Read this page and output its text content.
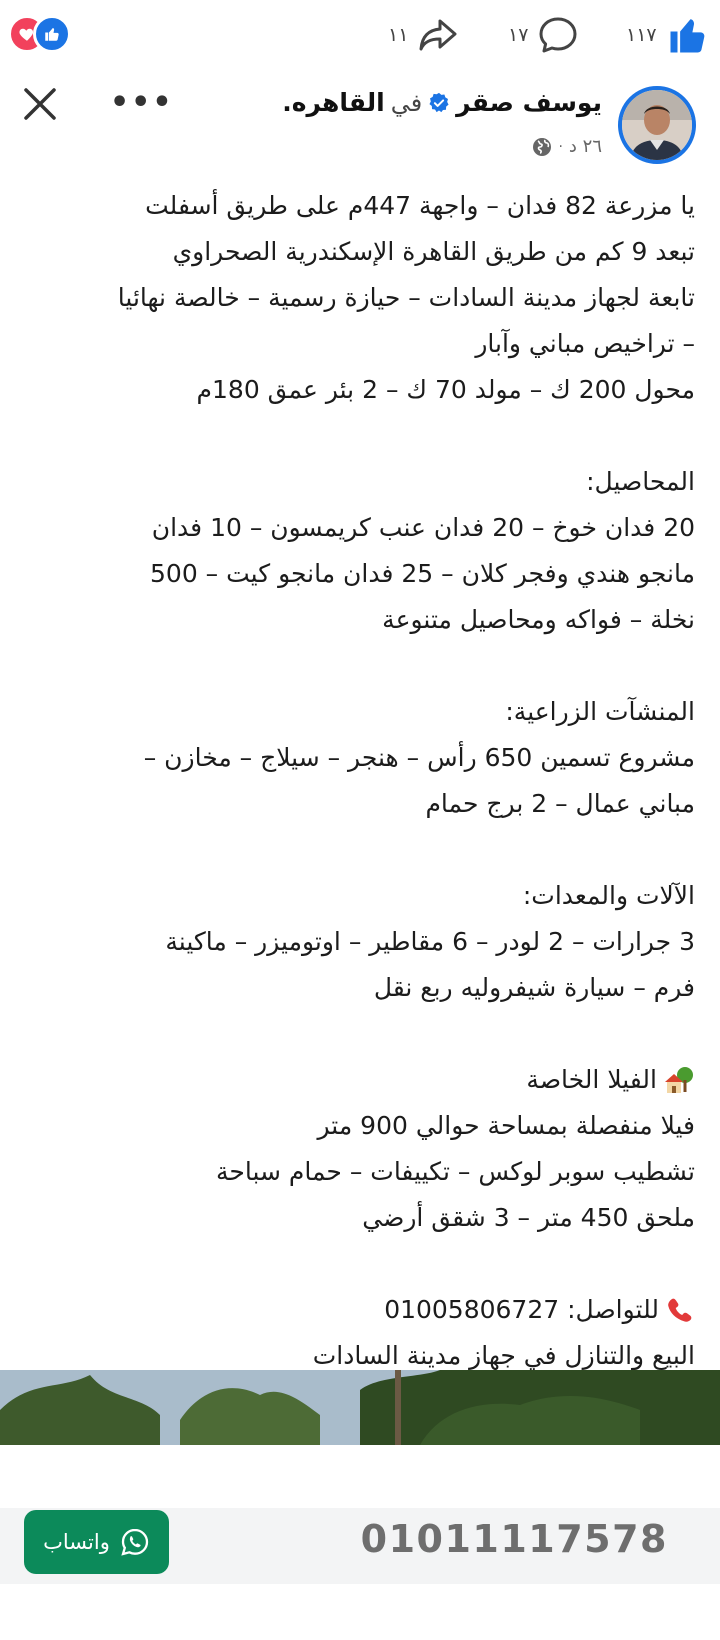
١١	١٧	١١٧
•••	يوسف صقر
في
القاهره.
٢٦ د
·

يا مزرعة 82 فدان – واجهة 447م على طريق أسفلت

تبعد 9 كم من طريق القاهرة الإسكندرية الصحراوي

تابعة لجهاز مدينة السادات – حيازة رسمية – خالصة نهائيا

– تراخيص مباني وآبار

محول 200 ك – مولد 70 ك – 2 بئر عمق 180م

المحاصيل:

20 فدان خوخ – 20 فدان عنب كريمسون – 10 فدان

مانجو هندي وفجر كلان – 25 فدان مانجو كيت – 500

نخلة – فواكه ومحاصيل متنوعة

المنشآت الزراعية:

مشروع تسمين 650 رأس – هنجر – سيلاج – مخازن –

مباني عمال – 2 برج حمام

الآلات والمعدات:

3 جرارات – 2 لودر – 6 مقاطير – اوتوميزر – ماكينة

فرم – سيارة شيفروليه ربع نقل

الفيلا الخاصة

فيلا منفصلة بمساحة حوالي 900 متر

تشطيب سوبر لوكس – تكييفات – حمام سباحة

ملحق 450 متر – 3 شقق أرضي

للتواصل: 01005806727

البيع والتنازل في جهاز مدينة السادات

واتساب	01011117578
